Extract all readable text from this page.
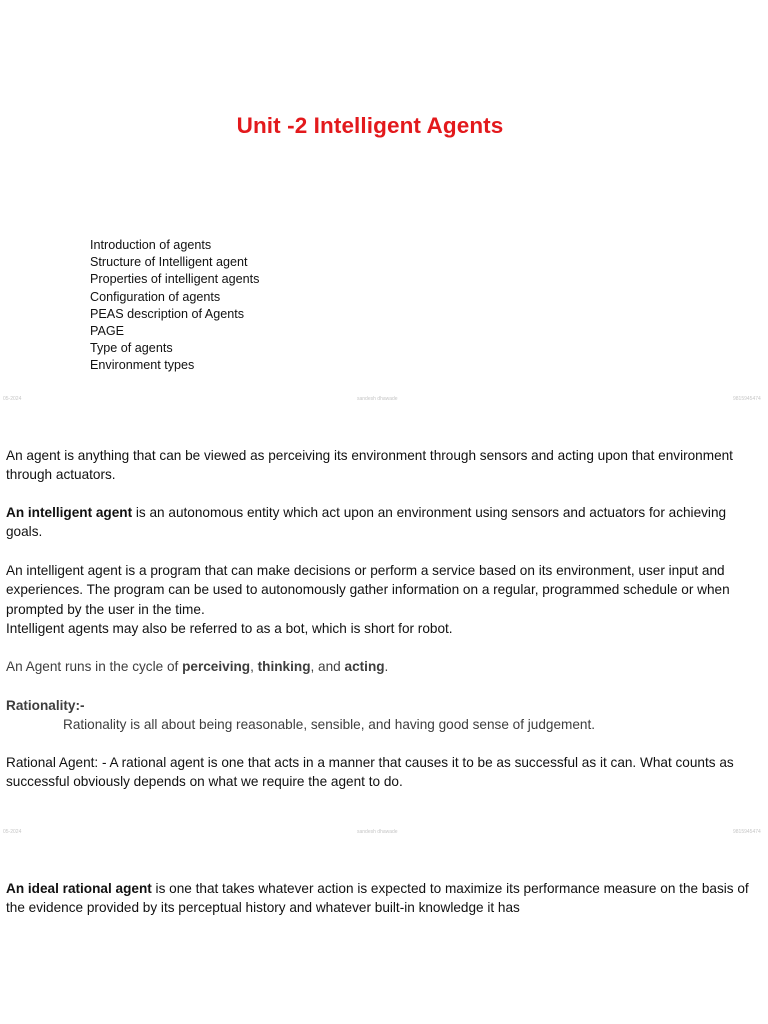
Unit -2 Intelligent Agents
Introduction of agents
Structure of Intelligent agent
Properties of intelligent agents
Configuration of agents
PEAS description of Agents
PAGE
Type of agents
Environment types
05-2024	sandesh dhawade	9815945474

An agent is anything that can be viewed as perceiving its environment through sensors and acting upon that environment through actuators.

An intelligent agent is an autonomous entity which act upon an environment using sensors and actuators for achieving goals.

An intelligent agent is a program that can make decisions or perform a service based on its environment, user input and experiences. The program can be used to autonomously gather information on a regular, programmed schedule or when prompted by the user in the time.
Intelligent agents may also be referred to as a bot, which is short for robot.

An Agent runs in the cycle of perceiving, thinking, and acting.

Rationality:-

Rationality is all about being reasonable, sensible, and having good sense of judgement.

Rational Agent: - A rational agent is one that acts in a manner that causes it to be as successful as it can. What counts as successful obviously depends on what we require the agent to do.

05-2024	sandesh dhawade	9815945474

An ideal rational agent is one that takes whatever action is expected to maximize its performance measure on the basis of the evidence provided by its perceptual history and whatever built-in knowledge it has
